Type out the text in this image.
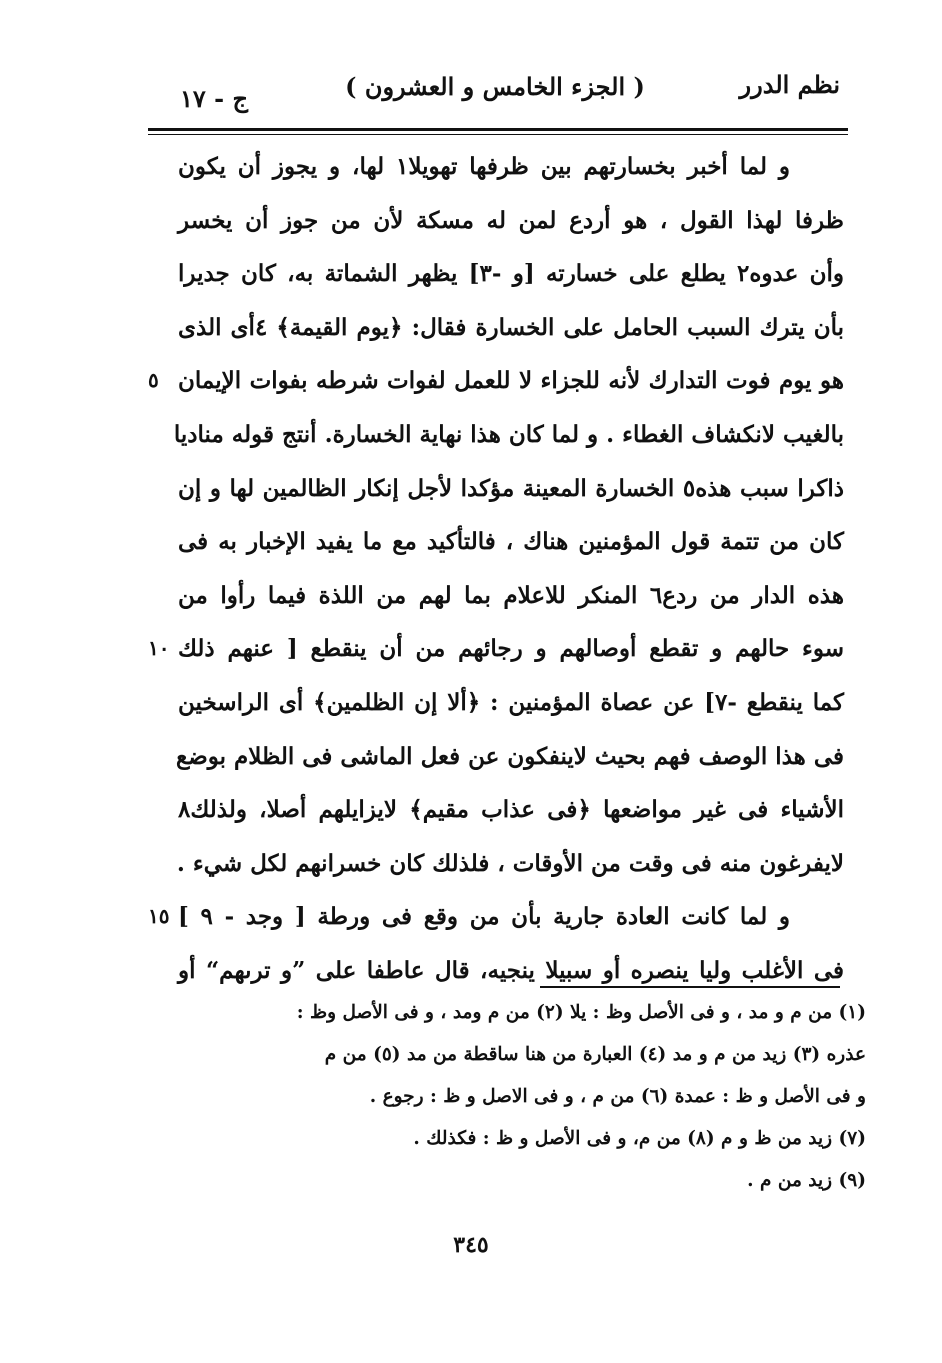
نظم الدرر
( الجزء الخامس و العشرون )
ج - ١٧
و لما أخبر بخسارتهم بين ظرفها تهويلا١ لها، و يجوز أن يكون
ظرفا لهذا القول ، هو أردع لمن له مسكة لأن من جوز أن يخسر
وأن عدوه٢ يطلع على خسارته [و -٣] يظهر الشماتة به، كان جديرا
بأن يترك السبب الحامل على الخسارة فقال: ﴿يوم القيمة﴾ ٤أى الذى
هو يوم فوت التدارك لأنه للجزاء لا للعمل لفوات شرطه بفوات الإيمان
٥
بالغيب لانكشاف الغطاء . و لما كان هذا نهاية الخسارة. أنتج قوله مناديا
ذاكرا سبب هذه٥ الخسارة المعينة مؤكدا لأجل إنكار الظالمين لها و إن
كان من تتمة قول المؤمنين هناك ، فالتأكيد مع ما يفيد الإخبار به فى
هذه الدار من ردع٦ المنكر للاعلام بما لهم من اللذة فيما رأوا من
سوء حالهم و تقطع أوصالهم و رجائهم من أن ينقطع [ عنهم ذلك
١٠
كما ينقطع -٧] عن عصاة المؤمنين : ﴿ألا إن الظلمين﴾ أى الراسخين
فى هذا الوصف فهم بحيث لاينفكون عن فعل الماشى فى الظلام بوضع
الأشياء فى غير مواضعها ﴿فى عذاب مقيم﴾ لايزايلهم أصلا، ولذلك٨
لايفرغون منه فى وقت من الأوقات ، فلذلك كان خسرانهم لكل شيء .
و لما كانت العادة جارية بأن من وقع فى ورطة [ وجد - ٩ ]
١٥
فى الأغلب وليا ينصره أو سبيلا ينجيه، قال عاطفا على ”و ترىهم“ أو
(١) من م و مد ، و فى الأصل وظ : يلا (٢) من م ومد ، و فى الأصل وظ :
عذره (٣) زيد من م و مد (٤) العبارة من هنا ساقطة من مد (٥) من م
و فى الأصل و ظ : عمدة (٦) من م ، و فى الاصل و ظ : رجوع .
(٧) زيد من ظ و م (٨) من م، و فى الأصل و ظ : فكذلك .
(٩) زيد من م .
٣٤٥
